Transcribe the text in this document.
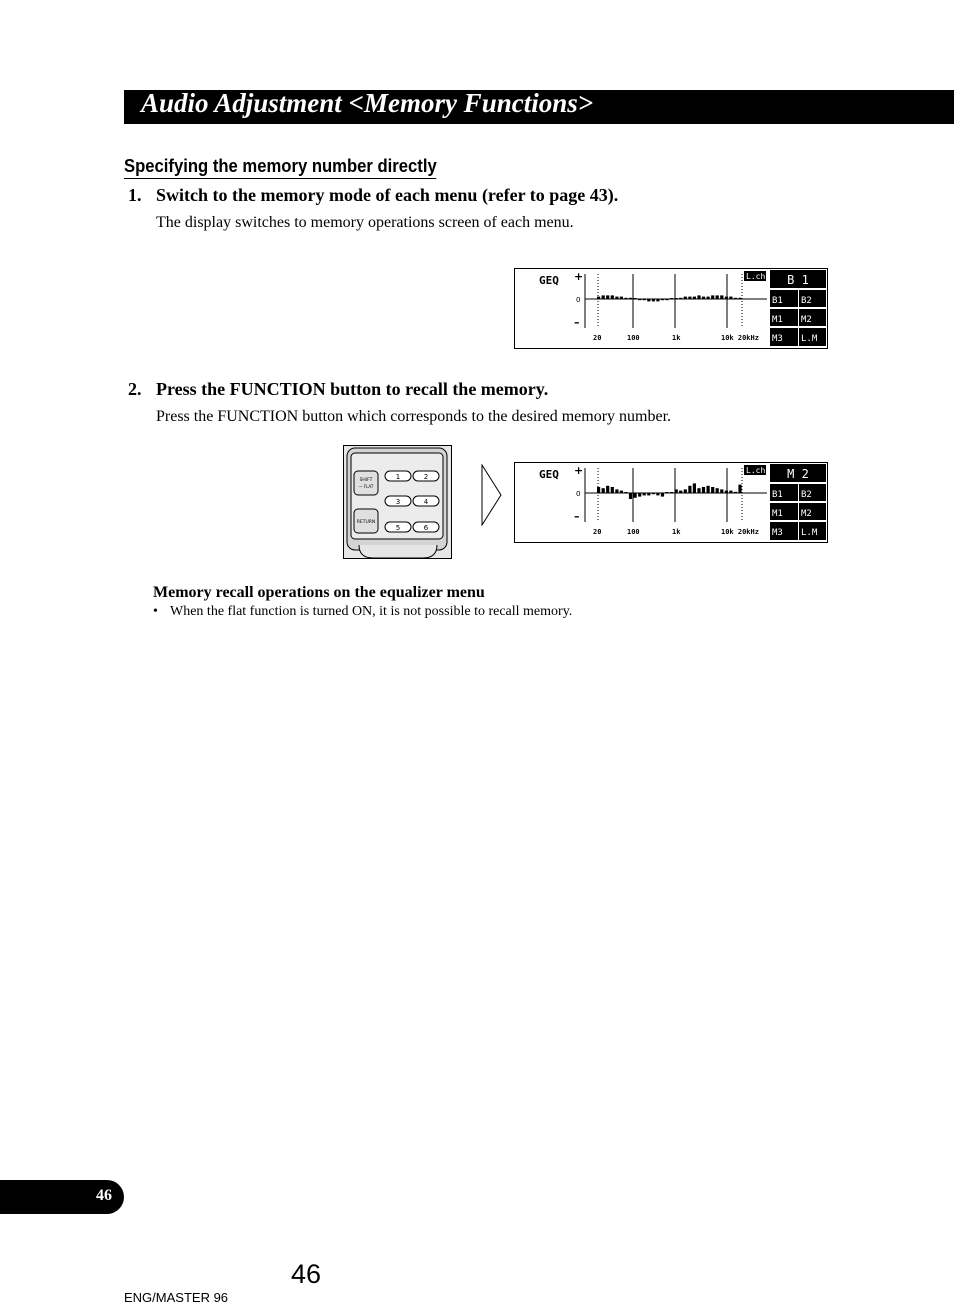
Audio Adjustment <Memory Functions>
Specifying the memory number directly
1. Switch to the memory mode of each menu (refer to page 43).
The display switches to memory operations screen of each menu.
GEQ +
0
–
20	100	1k	10k 20kHz
L.ch B 1
B1 B2
M1 M2
M3 L.M
2. Press the FUNCTION button to recall the memory.
Press the FUNCTION button which corresponds to the desired memory number.
SHIFT
— FLAT
RETURN
1	2
3	4
5	6
GEQ +
0
–
20	100	1k	10k 20kHz
L.ch M 2
B1 B2
M1 M2
M3 L.M
Memory recall operations on the equalizer menu
• When the flat function is turned ON, it is not possible to recall memory.
46
46
ENG/MASTER 96
